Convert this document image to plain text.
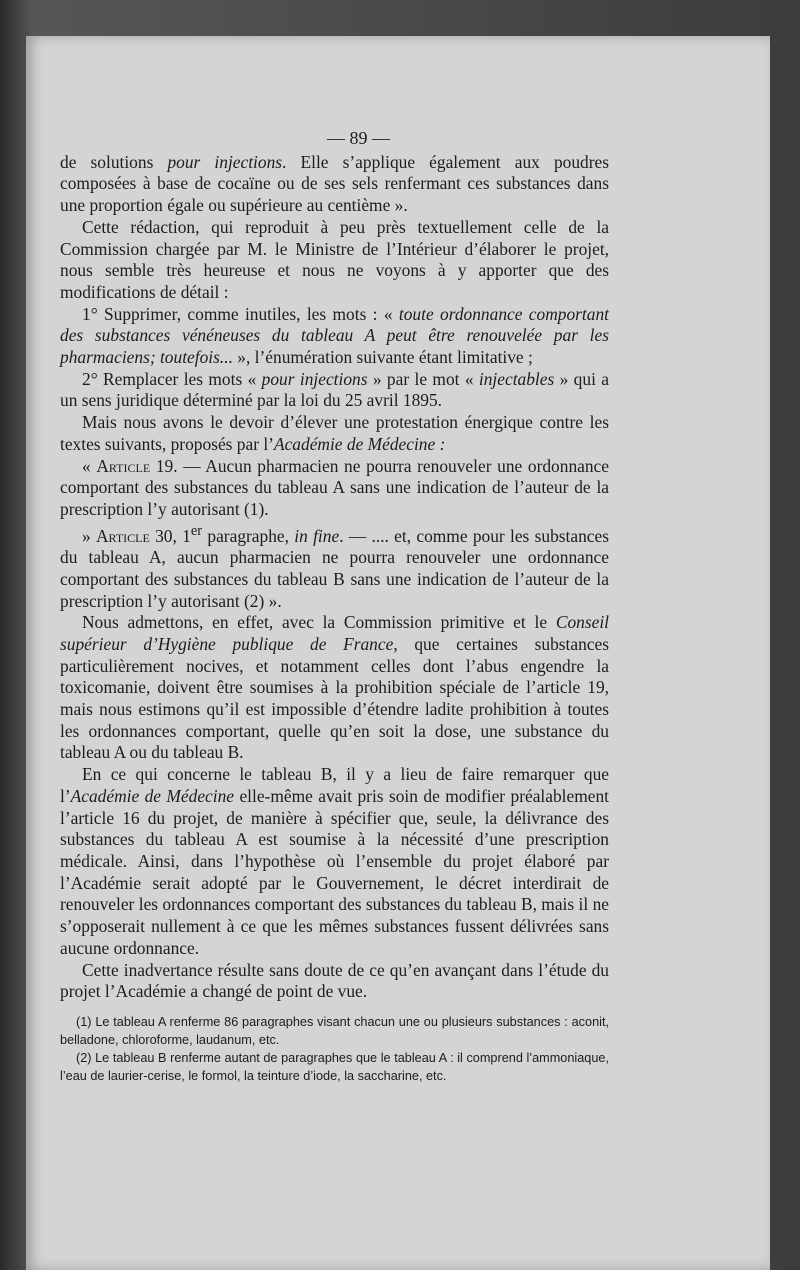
— 89 —

de solutions pour injections. Elle s’applique également aux poudres composées à base de cocaïne ou de ses sels renfermant ces substances dans une proportion égale ou supérieure au centième ».

Cette rédaction, qui reproduit à peu près textuellement celle de la Commission chargée par M. le Ministre de l’Intérieur d’élaborer le projet, nous semble très heureuse et nous ne voyons à y apporter que des modifications de détail :

1° Supprimer, comme inutiles, les mots : « toute ordonnance comportant des substances vénéneuses du tableau A peut être renouvelée par les pharmaciens; toutefois... », l’énumération suivante étant limitative ;

2° Remplacer les mots « pour injections » par le mot « injectables » qui a un sens juridique déterminé par la loi du 25 avril 1895.

Mais nous avons le devoir d’élever une protestation énergique contre les textes suivants, proposés par l’Académie de Médecine :

« Article 19. — Aucun pharmacien ne pourra renouveler une ordonnance comportant des substances du tableau A sans une indication de l’auteur de la prescription l’y autorisant (1).

» Article 30, 1er paragraphe, in fine. — .... et, comme pour les substances du tableau A, aucun pharmacien ne pourra renouveler une ordonnance comportant des substances du tableau B sans une indication de l’auteur de la prescription l’y autorisant (2) ».

Nous admettons, en effet, avec la Commission primitive et le Conseil supérieur d’Hygiène publique de France, que certaines substances particulièrement nocives, et notamment celles dont l’abus engendre la toxicomanie, doivent être soumises à la prohibition spéciale de l’article 19, mais nous estimons qu’il est impossible d’étendre ladite prohibition à toutes les ordonnances comportant, quelle qu’en soit la dose, une substance du tableau A ou du tableau B.

En ce qui concerne le tableau B, il y a lieu de faire remarquer que l’Académie de Médecine elle-même avait pris soin de modifier préalablement l’article 16 du projet, de manière à spécifier que, seule, la délivrance des substances du tableau A est soumise à la nécessité d’une prescription médicale. Ainsi, dans l’hypothèse où l’ensemble du projet élaboré par l’Académie serait adopté par le Gouvernement, le décret interdirait de renouveler les ordonnances comportant des substances du tableau B, mais il ne s’opposerait nullement à ce que les mêmes substances fussent délivrées sans aucune ordonnance.

Cette inadvertance résulte sans doute de ce qu’en avançant dans l’étude du projet l’Académie a changé de point de vue.

(1) Le tableau A renferme 86 paragraphes visant chacun une ou plusieurs substances : aconit, belladone, chloroforme, laudanum, etc.

(2) Le tableau B renferme autant de paragraphes que le tableau A : il comprend l’ammoniaque, l’eau de laurier-cerise, le formol, la teinture d’iode, la saccharine, etc.
